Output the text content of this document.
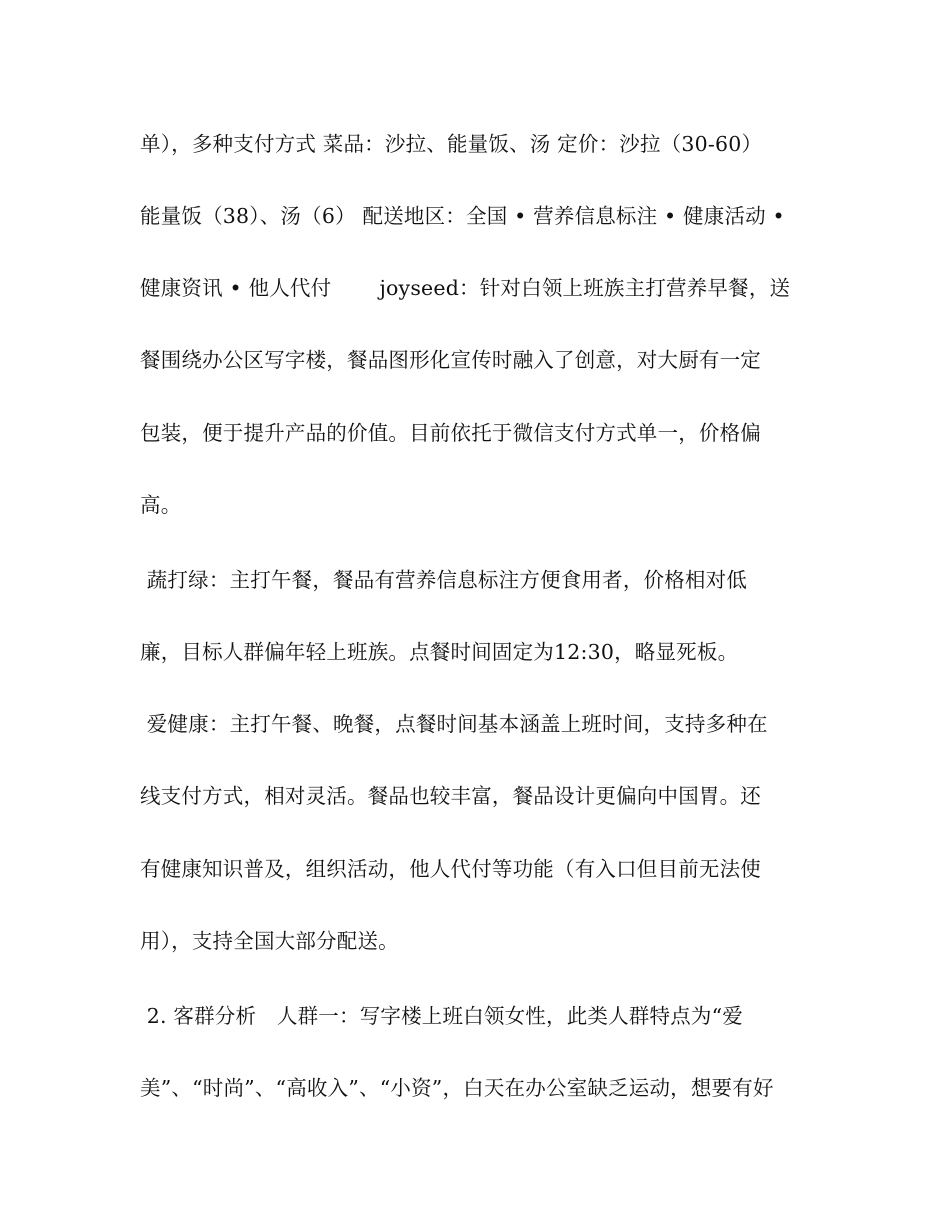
单），多种支付方式 菜品：沙拉、能量饭、汤 定价：沙拉（30-60）
能量饭（38）、汤（6） 配送地区：全国 • 营养信息标注 • 健康活动 •
健康资讯 • 他人代付　　 joyseed：针对白领上班族主打营养早餐，送
餐围绕办公区写字楼，餐品图形化宣传时融入了创意，对大厨有一定
包装，便于提升产品的价值。目前依托于微信支付方式单一，价格偏
高。
蔬打绿：主打午餐，餐品有营养信息标注方便食用者，价格相对低
廉，目标人群偏年轻上班族。点餐时间固定为12:30，略显死板。
爱健康：主打午餐、晚餐，点餐时间基本涵盖上班时间，支持多种在
线支付方式，相对灵活。餐品也较丰富，餐品设计更偏向中国胃。还
有健康知识普及，组织活动，他人代付等功能（有入口但目前无法使
用），支持全国大部分配送。
2. 客群分析　人群一：写字楼上班白领女性，此类人群特点为“爱
美”、“时尚”、“高收入”、“小资”，白天在办公室缺乏运动，想要有好
